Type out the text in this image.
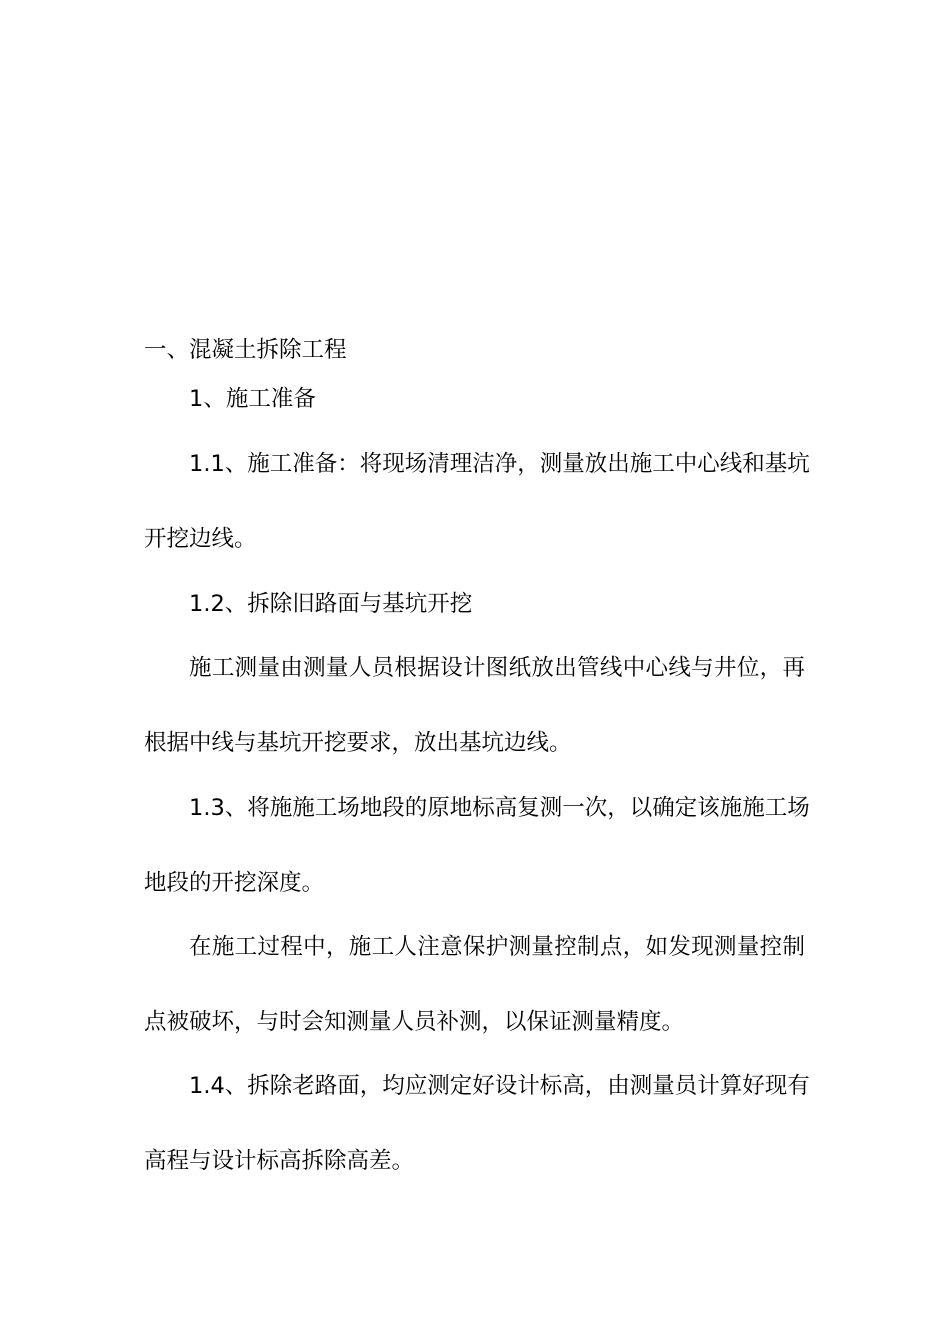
一、混凝土拆除工程
1、施工准备
1.1、施工准备：将现场清理洁净，测量放出施工中心线和基坑
开挖边线。
1.2、拆除旧路面与基坑开挖
施工测量由测量人员根据设计图纸放出管线中心线与井位，再
根据中线与基坑开挖要求，放出基坑边线。
1.3、将施施工场地段的原地标高复测一次，以确定该施施工场
地段的开挖深度。
在施工过程中，施工人注意保护测量控制点，如发现测量控制
点被破坏，与时会知测量人员补测，以保证测量精度。
1.4、拆除老路面，均应测定好设计标高，由测量员计算好现有
高程与设计标高拆除高差。
